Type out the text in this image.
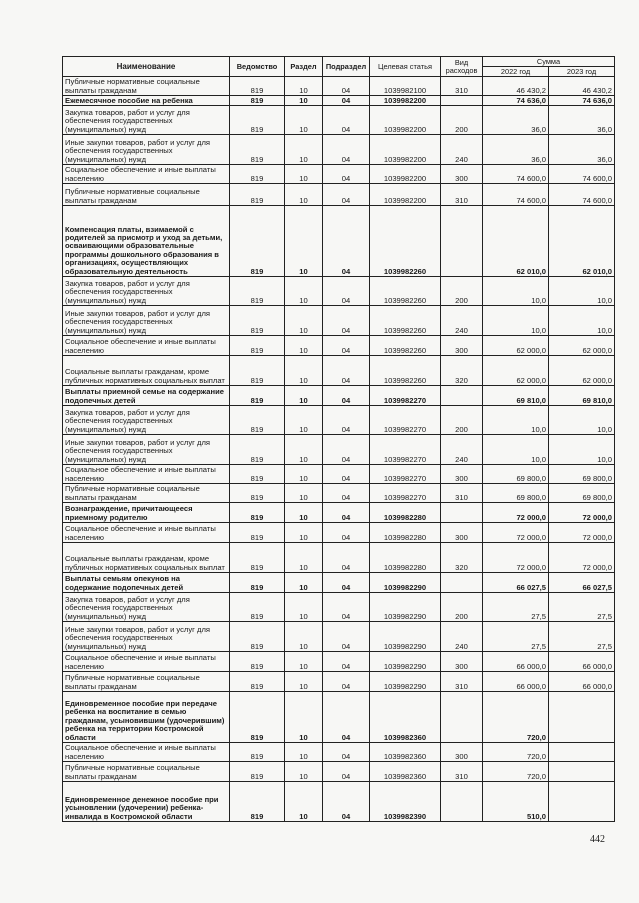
Наименование	Ведомство	Раздел	Подраздел	Целевая статья	Вид расходов	Сумма	
						2022 год	2023 год
Публичные нормативные социальные выплаты гражданам	819	10	04	1039982100	310	46 430,2	46 430,2
Ежемесячное пособие на ребенка	819	10	04	1039982200		74 636,0	74 636,0
Закупка товаров, работ и услуг для обеспечения государственных (муниципальных) нужд	819	10	04	1039982200	200	36,0	36,0
Иные закупки товаров, работ и услуг для обеспечения государственных (муниципальных) нужд	819	10	04	1039982200	240	36,0	36,0
Социальное обеспечение и иные выплаты населению	819	10	04	1039982200	300	74 600,0	74 600,0
Публичные нормативные социальные выплаты гражданам	819	10	04	1039982200	310	74 600,0	74 600,0
Компенсация платы, взимаемой с родителей за присмотр и уход за детьми, осваивающими образовательные программы дошкольного образования в организациях, осуществляющих образовательную деятельность	819	10	04	1039982260		62 010,0	62 010,0
Закупка товаров, работ и услуг для обеспечения государственных (муниципальных) нужд	819	10	04	1039982260	200	10,0	10,0
Иные закупки товаров, работ и услуг для обеспечения государственных (муниципальных) нужд	819	10	04	1039982260	240	10,0	10,0
Социальное обеспечение и иные выплаты населению	819	10	04	1039982260	300	62 000,0	62 000,0
Социальные выплаты гражданам, кроме публичных нормативных социальных выплат	819	10	04	1039982260	320	62 000,0	62 000,0
Выплаты приемной семье на содержание подопечных детей	819	10	04	1039982270		69 810,0	69 810,0
Закупка товаров, работ и услуг для обеспечения государственных (муниципальных) нужд	819	10	04	1039982270	200	10,0	10,0
Иные закупки товаров, работ и услуг для обеспечения государственных (муниципальных) нужд	819	10	04	1039982270	240	10,0	10,0
Социальное обеспечение и иные выплаты населению	819	10	04	1039982270	300	69 800,0	69 800,0
Публичные нормативные социальные выплаты гражданам	819	10	04	1039982270	310	69 800,0	69 800,0
Вознаграждение, причитающееся приемному родителю	819	10	04	1039982280		72 000,0	72 000,0
Социальное обеспечение и иные выплаты населению	819	10	04	1039982280	300	72 000,0	72 000,0
Социальные выплаты гражданам, кроме публичных нормативных социальных выплат	819	10	04	1039982280	320	72 000,0	72 000,0
Выплаты семьям опекунов на содержание подопечных детей	819	10	04	1039982290		66 027,5	66 027,5
Закупка товаров, работ и услуг для обеспечения государственных (муниципальных) нужд	819	10	04	1039982290	200	27,5	27,5
Иные закупки товаров, работ и услуг для обеспечения государственных (муниципальных) нужд	819	10	04	1039982290	240	27,5	27,5
Социальное обеспечение и иные выплаты населению	819	10	04	1039982290	300	66 000,0	66 000,0
Публичные нормативные социальные выплаты гражданам	819	10	04	1039982290	310	66 000,0	66 000,0
Единовременное пособие при передаче ребенка на воспитание в семью гражданам, усыновившим (удочерившим) ребенка на территории Костромской области	819	10	04	1039982360		720,0	
Социальное обеспечение и иные выплаты населению	819	10	04	1039982360	300	720,0	
Публичные нормативные социальные выплаты гражданам	819	10	04	1039982360	310	720,0	
Единовременное денежное пособие при усыновлении (удочерении) ребенка-инвалида в Костромской области	819	10	04	1039982390		510,0	
442
